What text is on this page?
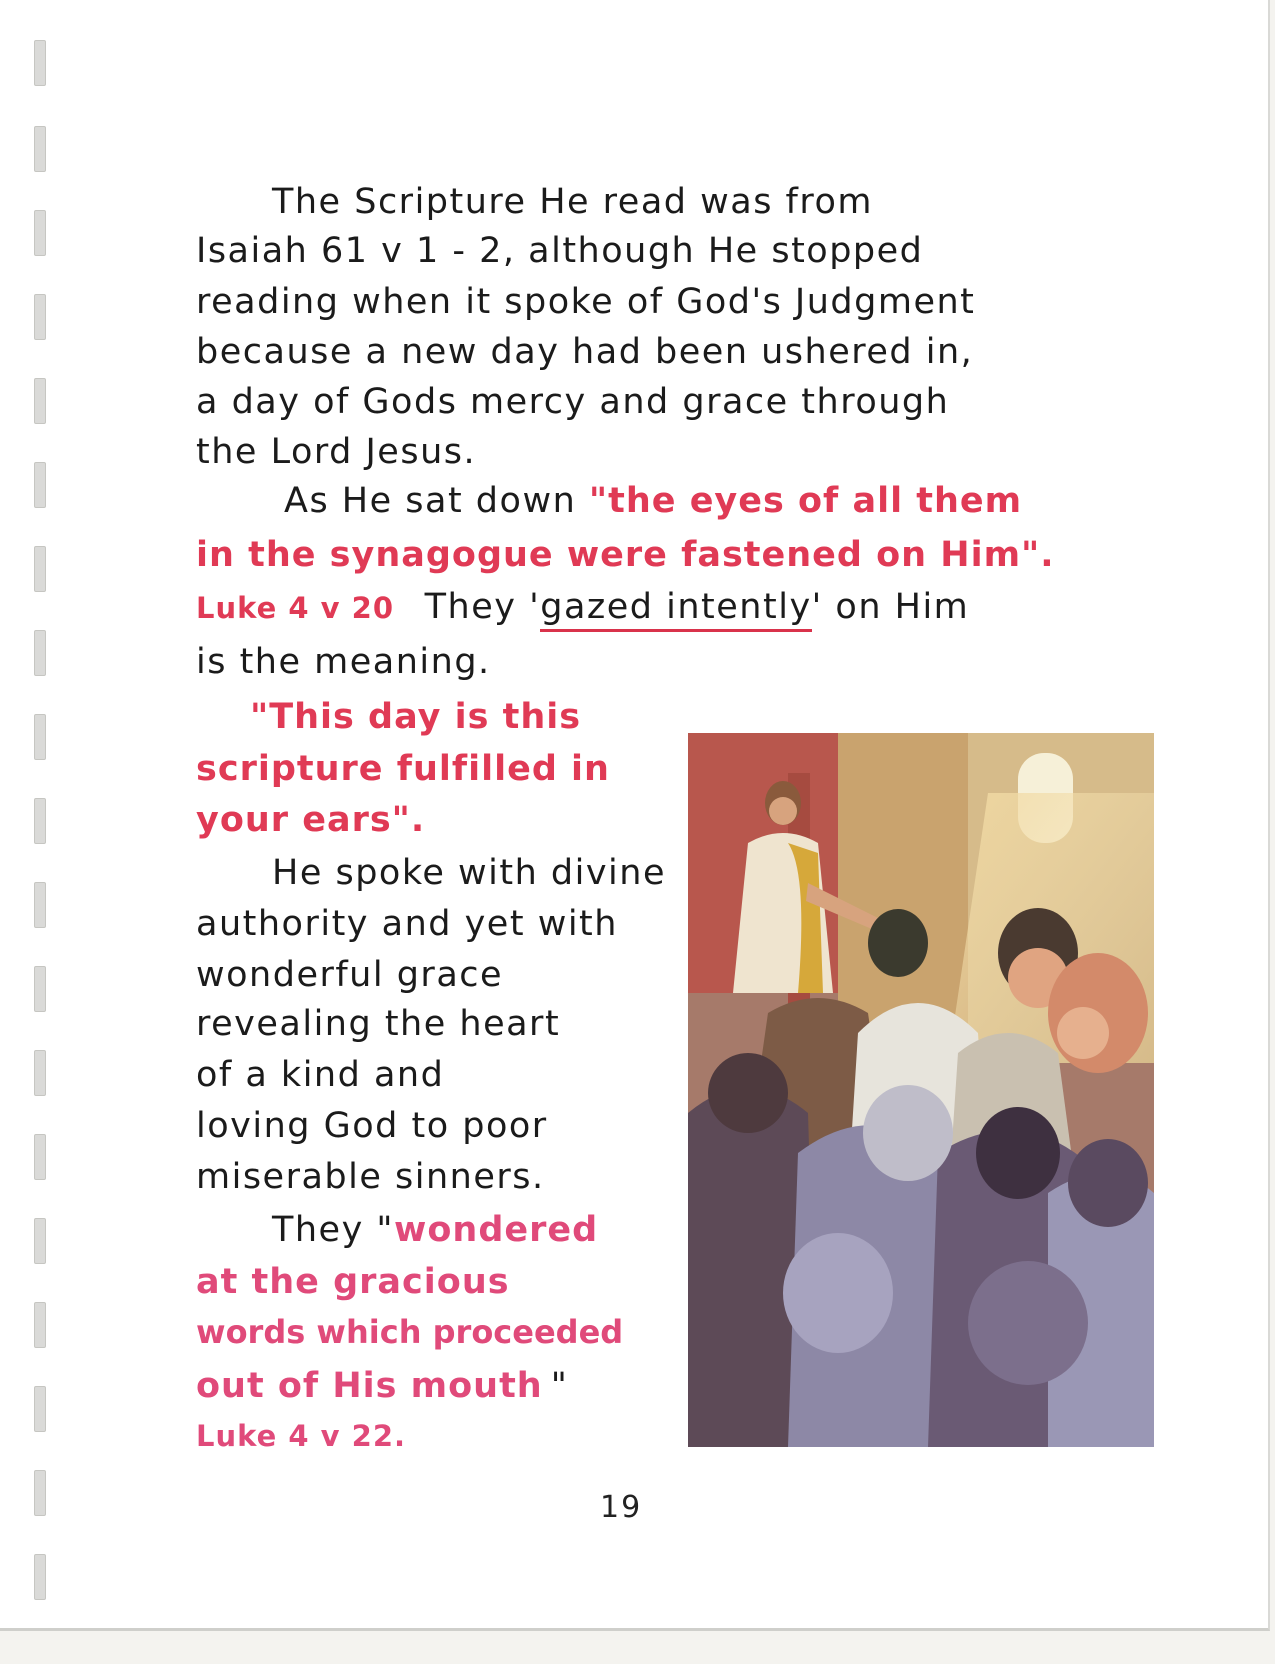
The Scripture He read was from
Isaiah 61 v 1 - 2, although He stopped
reading when it spoke of God's Judgment
because a new day had been ushered in,
a day of Gods mercy and grace through
the Lord Jesus.
As He sat down "the eyes of all them
in the synagogue were fastened on Him".
Luke 4 v 20 They 'gazed intently' on Him
is the meaning.
"This day is this
scripture fulfilled in
your ears".
He spoke with divine
authority and yet with
wonderful grace
revealing the heart
of a kind and
loving God to poor
miserable sinners.
They "wondered
at the gracious
words which proceeded
out of His mouth "
Luke 4 v 22.
19
